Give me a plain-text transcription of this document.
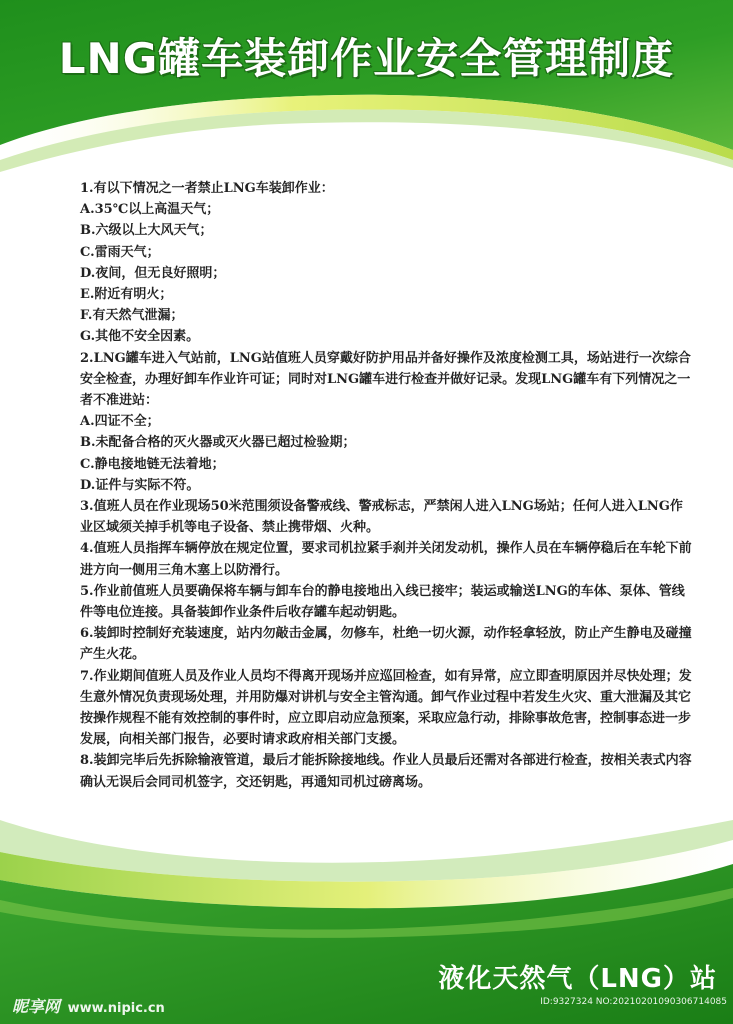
LNG罐车装卸作业安全管理制度

1.有以下情况之一者禁止LNG车装卸作业：

A.35℃以上高温天气；

B.六级以上大风天气；

C.雷雨天气；

D.夜间，但无良好照明；

E.附近有明火；

F.有天然气泄漏；

G.其他不安全因素。

2.LNG罐车进入气站前，LNG站值班人员穿戴好防护用品并备好操作及浓度检测工具，场站进行一次综合安全检查，办理好卸车作业许可证；同时对LNG罐车进行检查并做好记录。发现LNG罐车有下列情况之一者不准进站：

A.四证不全；

B.未配备合格的灭火器或灭火器已超过检验期；

C.静电接地链无法着地；

D.证件与实际不符。

3.值班人员在作业现场50米范围须设备警戒线、警戒标志，严禁闲人进入LNG场站；任何人进入LNG作业区域须关掉手机等电子设备、禁止携带烟、火种。

4.值班人员指挥车辆停放在规定位置，要求司机拉紧手刹并关闭发动机，操作人员在车辆停稳后在车轮下前进方向一侧用三角木塞上以防滑行。

5.作业前值班人员要确保将车辆与卸车台的静电接地出入线已接牢；装运或输送LNG的车体、泵体、管线件等电位连接。具备装卸作业条件后收存罐车起动钥匙。

6.装卸时控制好充装速度，站内勿敲击金属，勿修车，杜绝一切火源，动作轻拿轻放，防止产生静电及碰撞产生火花。

7.作业期间值班人员及作业人员均不得离开现场并应巡回检查，如有异常，应立即查明原因并尽快处理；发生意外情况负责现场处理，并用防爆对讲机与安全主管沟通。卸气作业过程中若发生火灾、重大泄漏及其它按操作规程不能有效控制的事件时，应立即启动应急预案，采取应急行动，排除事故危害，控制事态进一步发展，向相关部门报告，必要时请求政府相关部门支援。

8.装卸完毕后先拆除输液管道，最后才能拆除接地线。作业人员最后还需对各部进行检查，按相关表式内容确认无误后会同司机签字，交还钥匙，再通知司机过磅离场。

液化天然气（LNG）站
昵享网 www.nipic.cn	ID:9327324 NO:20210201090306714085
